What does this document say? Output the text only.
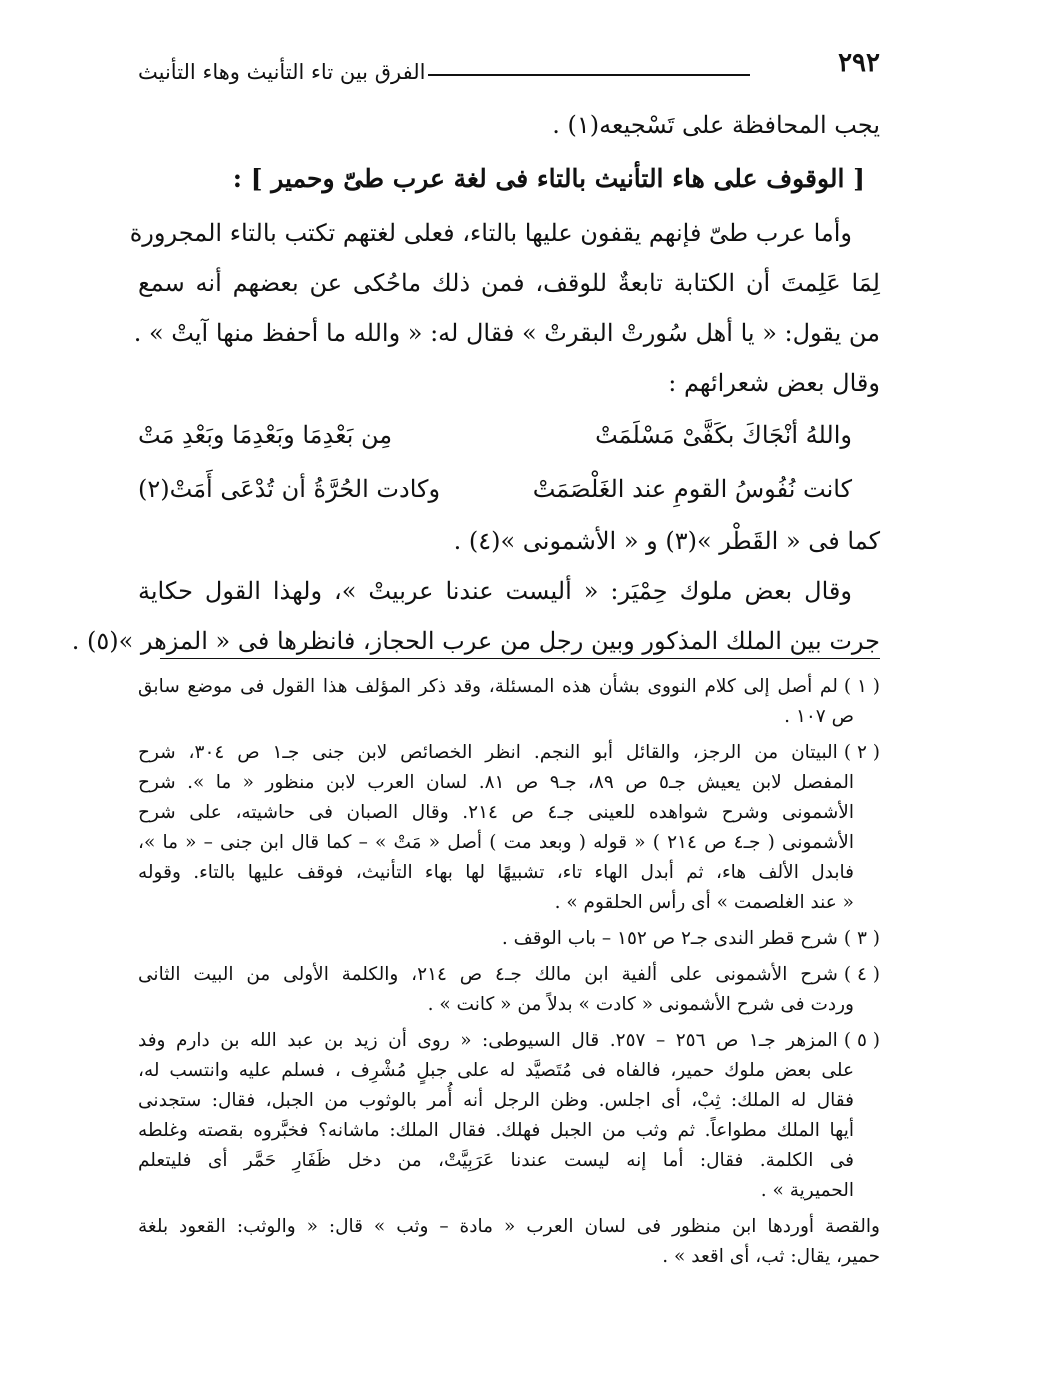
٢٩٢
الفرق بين تاء التأنيث وهاء التأنيث
يجب المحافظة على تَسْجيعه(١) .
[ الوقوف على هاء التأنيث بالتاء فى لغة عرب طىّ وحمير ] :
وأما عرب طىّ فإنهم يقفون عليها بالتاء، فعلى لغتهم تكتب بالتاء المجرورة
لِمَا عَلِمتَ أن الكتابة تابعةٌ للوقف، فمن ذلك ماحُكى عن بعضهم أنه سمع
من يقول: « يا أهل سُورتْ البقرتْ » فقال له: « والله ما أحفظ منها آيتْ » .
وقال بعض شعرائهم :
واللهُ أنْجَاكَ بكَفَّىْ مَسْلَمَتْ
مِن بَعْدِمَا وبَعْدِمَا وبَعْدِ مَتْ
كانت نُفُوسُ القومِ عند الغَلْصَمَتْ
وكادت الحُرَّةُ أن تُدْعَى أَمَتْ(٢)
كما فى « القَطْر »(٣) و « الأشمونى »(٤) .
وقال بعض ملوك حِمْيَر: « أليست عندنا عربيتْ »، ولهذا القول حكاية
جرت بين الملك المذكور وبين رجل من عرب الحجاز، فانظرها فى « المزهر »(٥) .
( ١ )لم أصل إلى كلام النووى بشأن هذه المسئلة، وقد ذكر المؤلف هذا القول فى موضع سابق
ص ١٠٧ .
( ٢ )البيتان من الرجز، والقائل أبو النجم. انظر الخصائص لابن جنى جـ١ ص ٣٠٤، شرح
المفصل لابن يعيش جـ٥ ص ٨٩، جـ٩ ص ٨١. لسان العرب لابن منظور « ما ». شرح
الأشمونى وشرح شواهده للعينى جـ٤ ص ٢١٤. وقال الصبان فى حاشيته، على شرح
الأشمونى ( جـ٤ ص ٢١٤ ) « قوله ( وبعد مت ) أصل « مَتْ » – كما قال ابن جنى – « ما »،
فابدل الألف هاء، ثم أبدل الهاء تاء، تشبيهًا لها بهاء التأنيث، فوقف عليها بالتاء. وقوله
« عند الغلصمت » أى رأس الحلقوم » .
( ٣ )شرح قطر الندى جـ٢ ص ١٥٢ – باب الوقف .
( ٤ )شرح الأشمونى على ألفية ابن مالك جـ٤ ص ٢١٤، والكلمة الأولى من البيت الثانى
وردت فى شرح الأشمونى « كادت » بدلاً من « كانت » .
( ٥ )المزهر جـ١ ص ٢٥٦ – ٢٥٧. قال السيوطى: « روى أن زيد بن عبد الله بن دارم وفد
على بعض ملوك حمير، فالفاه فى مُتَصيَّد له على جبلٍ مُشْرِف ، فسلم عليه وانتسب له،
فقال له الملك: ثِبْ، أى اجلس. وظن الرجل أنه أُمر بالوثوب من الجبل، فقال: ستجدنى
أيها الملك مطواعاً. ثم وثب من الجبل فهلك. فقال الملك: ماشانه؟ فخبَّروه بقصته وغلطه
فى الكلمة. فقال: أما إنه ليست عندنا عَرَبِيَّتْ، من دخل ظَفَارِ حَمَّر أى فليتعلم
الحميرية » .
والقصة أوردها ابن منظور فى لسان العرب « مادة – وثب » قال: « والوثب: القعود بلغة
حمير، يقال: ثب، أى اقعد » .
